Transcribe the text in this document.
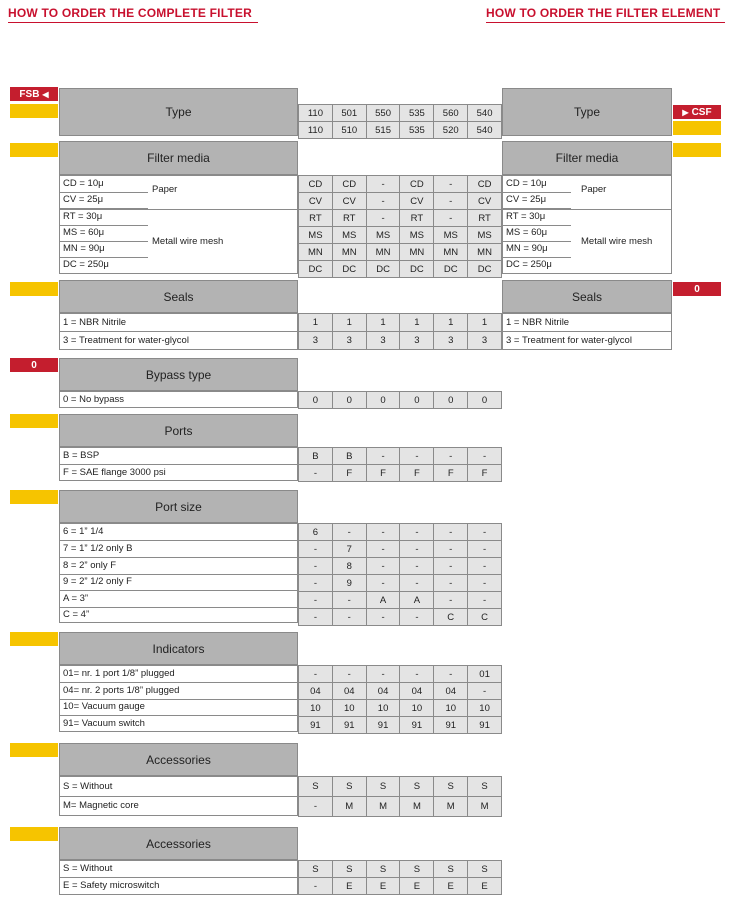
HOW TO ORDER THE COMPLETE FILTER	HOW TO ORDER THE FILTER ELEMENT
FSB ◀
▶ CSF
Type	110	501	550	535	560	540
110	510	515	535	520	540
Type
Filter media
CD = 10μ
CV = 25μ
RT = 30μ
MS = 60μ
MN = 90μ
DC = 250μ
Paper
Metall wire mesh
CD	CD	-	CD	-	CD
CV	CV	-	CV	-	CV
RT	RT	-	RT	-	RT
MS	MS	MS	MS	MS	MS
MN	MN	MN	MN	MN	MN
DC	DC	DC	DC	DC	DC
Filter media
CD = 10μ
CV = 25μ
RT = 30μ
MS = 60μ
MN = 90μ
DC = 250μ
Paper
Metall wire mesh
Seals
1 = NBR Nitrile
3 = Treatment for water-glycol
1	1	1	1	1	1
3	3	3	3	3	3
Seals
0
1 = NBR Nitrile
3 = Treatment for water-glycol
0
Bypass type
0 = No bypass	0	0	0	0	0	0
Ports
B = BSP
F = SAE flange 3000 psi
B	B	-	-	-	-
-	F	F	F	F	F
Port size
6 = 1” 1/4
7 = 1” 1/2 only B
8 = 2” only F
9 = 2” 1/2 only F
A = 3”
C = 4”
6	-	-	-	-	-
-	7	-	-	-	-
-	8	-	-	-	-
-	9	-	-	-	-
-	-	A	A	-	-
-	-	-	-	C	C
Indicators
01= nr. 1 port 1/8” plugged
04= nr. 2 ports 1/8” plugged
10= Vacuum gauge
91= Vacuum switch
-	-	-	-	-	01
04	04	04	04	04	-
10	10	10	10	10	10
91	91	91	91	91	91
Accessories
S = Without
M= Magnetic core
S	S	S	S	S	S
-	M	M	M	M	M
Accessories
S = Without
E = Safety microswitch
S	S	S	S	S	S
-	E	E	E	E	E
